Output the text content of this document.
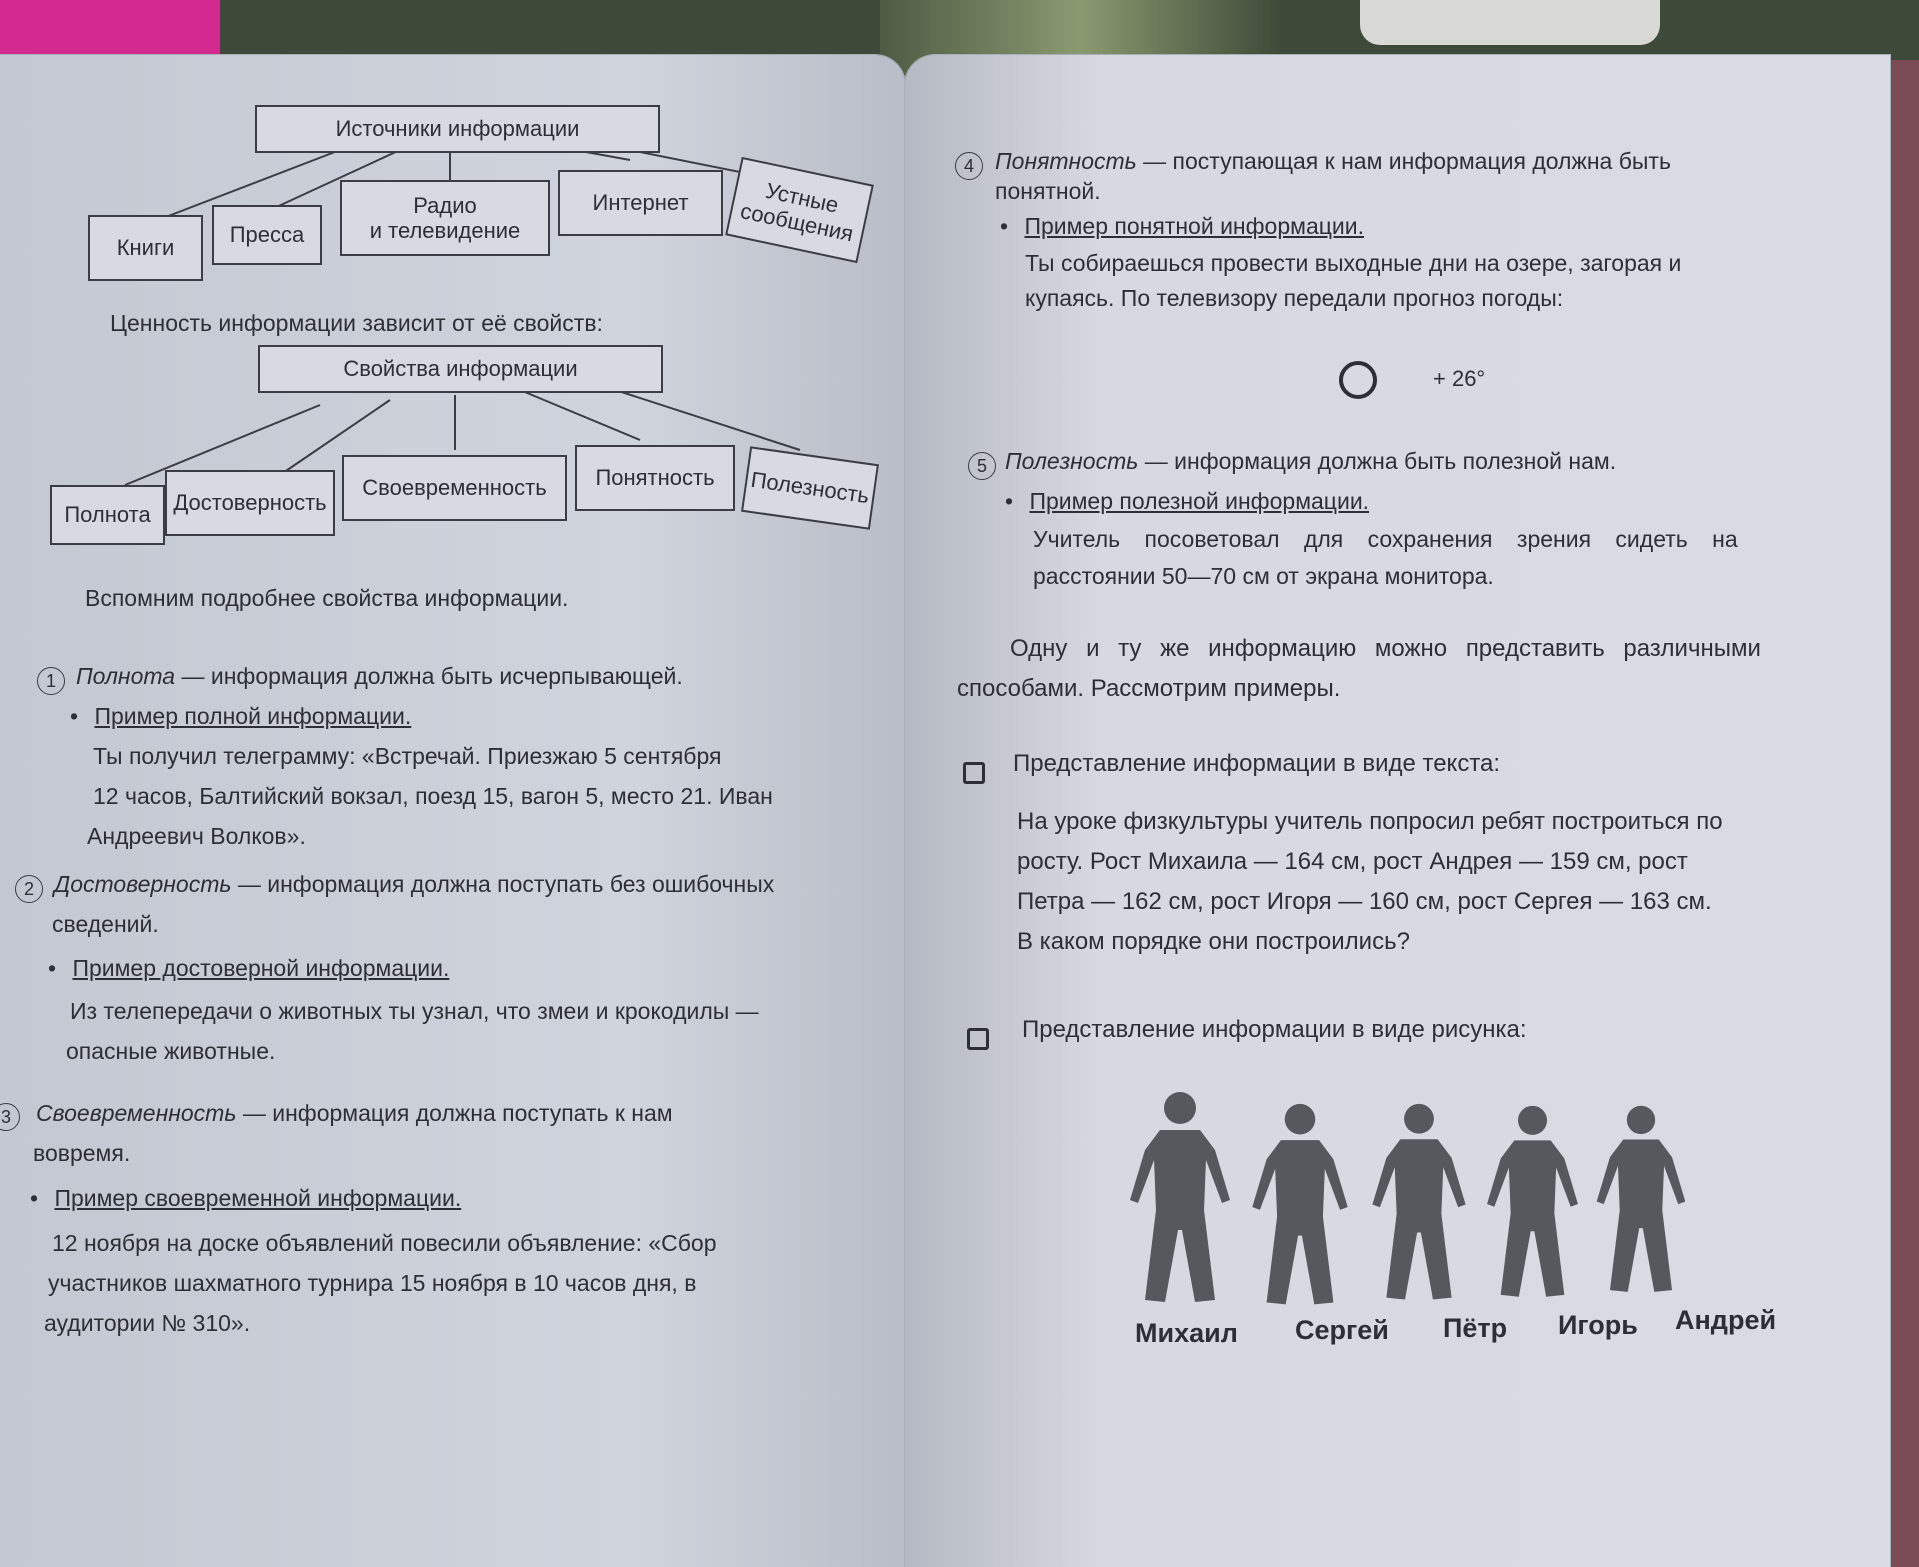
Источники информации
Книги
Пресса
Радио
и телевидение
Интернет	Устные
сообщения
Ценность информации зависит от её свойств:
Свойства информации
Полнота Достоверность
Своевременность Понятность Полезность
Вспомним подробнее свойства информации.
1 Полнота — информация должна быть исчерпывающей.
• Пример полной информации.
Ты получил телеграмму: «Встречай. Приезжаю 5 сентября
12 часов, Балтийский вокзал, поезд 15, вагон 5, место 21. Иван
Андреевич Волков».
2 Достоверность — информация должна поступать без ошибочных
сведений.
• Пример достоверной информации.
Из телепередачи о животных ты узнал, что змеи и крокодилы —
опасные животные.
3	Своевременность — информация должна поступать к нам
вовремя.
• Пример своевременной информации.
12 ноября на доске объявлений повесили объявление: «Сбор
участников шахматного турнира 15 ноября в 10 часов дня, в
аудитории № 310».
4 Понятность — поступающая к нам информация должна быть
понятной.
• Пример понятной информации.
Ты собираешься провести выходные дни на озере, загорая и
купаясь. По телевизору передали прогноз погоды:
+ 26°
5 Полезность — информация должна быть полезной нам.
• Пример полезной информации.
Учитель посоветовал для сохранения зрения сидеть на
расстоянии 50—70 см от экрана монитора.
Одну и ту же информацию можно представить различными
способами. Рассмотрим примеры.
Представление информации в виде текста:
На уроке физкультуры учитель попросил ребят построиться по
росту. Рост Михаила — 164 см, рост Андрея — 159 см, рост
Петра — 162 см, рост Игоря — 160 см, рост Сергея — 163 см.
В каком порядке они построились?
Представление информации в виде рисунка:
Михаил Сергей Пётр Игорь Андрей
